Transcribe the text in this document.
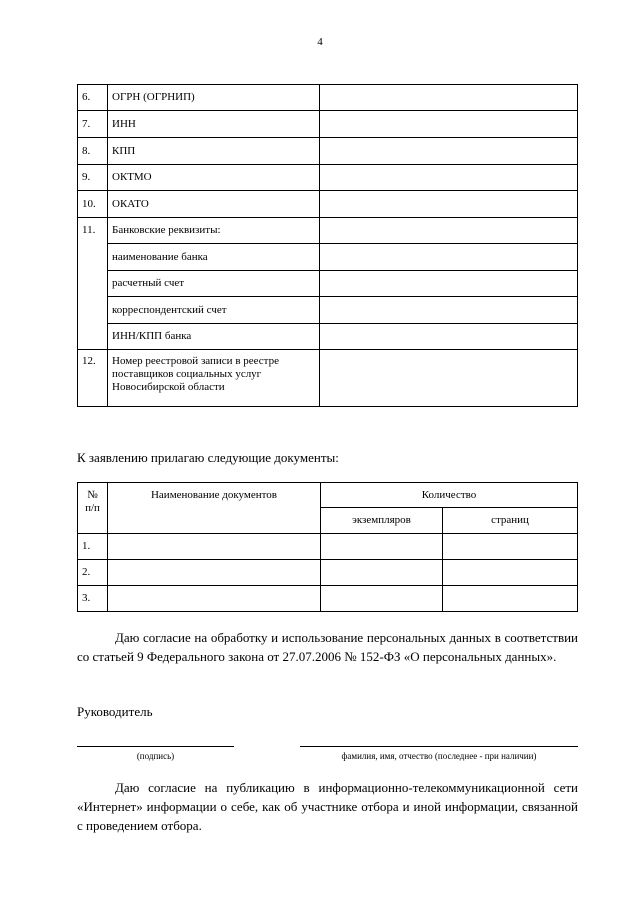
4
6.	ОГРН (ОГРНИП)	
7.	ИНН	
8.	КПП	
9.	ОКТМО	
10.	ОКАТО	
11.	Банковские реквизиты:	
	наименование банка	
	расчетный счет	
	корреспондентский счет	
	ИНН/КПП банка	
12.	Номер реестровой записи в реестре поставщиков социальных услуг Новосибирской области	
К заявлению прилагаю следующие документы:
№ п/п	Наименование документов	Количество	
		экземпляров	страниц
1.			
2.			
3.			
Даю согласие на обработку и использование персональных данных в соответствии со статьей 9 Федерального закона от 27.07.2006 № 152-ФЗ «О персональных данных».
Руководитель
(подпись)	фамилия, имя, отчество (последнее - при наличии)
Даю согласие на публикацию в информационно-телекоммуникационной сети «Интернет» информации о себе, как об участнике отбора и иной информации, связанной с проведением отбора.
